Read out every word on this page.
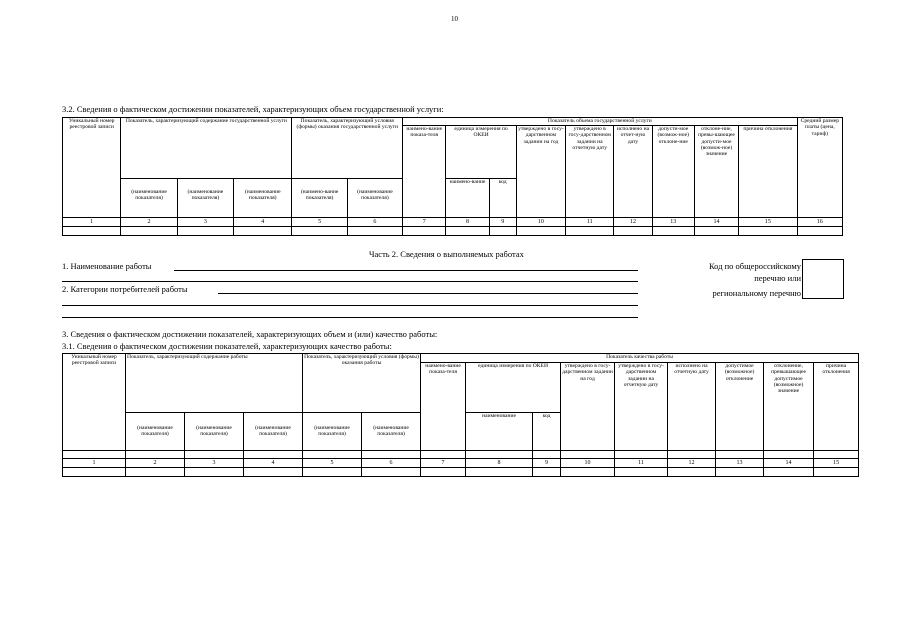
10
3.2. Сведения о фактическом достижении показателей, характеризующих объем государственной услуги:
Уникальный номер реестровой записи	Показатель, характеризующий содержание государственной услуги			Показатель, характеризующий условия (формы) оказания государственной услуги		Показатель объема государственной услуги									Средний размер платы (цена, тариф)
						наимено-вание показа-теля	единица измерения по ОКЕИ		утверждено в госу-дарственном задании на год	утверждено в госу-дарственном задании на отчетную дату	исполнено на отчет-ную дату	допусти-мое (возмож-ное) отклоне-ние	отклоне-ние, превы-шающее допусти-мое (возмож-ное) значение	причина отклонения	
	(наименование показателя)	(наименование показателя)	(наименование показателя)	(наимено-вание показателя)	(наименование показателя)		наимено-вание	код							
1	2	3	4	5	6	7	8	9	10	11	12	13	14	15	16

Часть 2. Сведения о выполняемых работах
1. Наименование работы
2. Категории потребителей работы
Код по общероссийскому
перечню или
региональному перечню
3. Сведения о фактическом достижении показателей, характеризующих объем и (или) качество работы:
3.1. Сведения о фактическом достижении показателей, характеризующих качество работы:
Уникальный номер реестровой записи	Показатель, характеризующий содержание работы			Показатель, характеризующий условия (формы) оказания работы		Показатель качества работы								
						наимено-вание показа-теля	единица измерения по ОКЕИ		утверждено в госу-дарственном задании на год	утверждено в госу-дарственном задании на отчетную дату	исполнено на отчетную дату	допустимое (возможное) отклонение	отклонение, превышающее допустимое (возможное) значение	причина отклонения
	(наименование показателя)	(наименование показателя)	(наименование показателя)	(наименование показателя)	(наименование показателя)		наименование	код						

1	2	3	4	5	6	7	8	9	10	11	12	13	14	15
